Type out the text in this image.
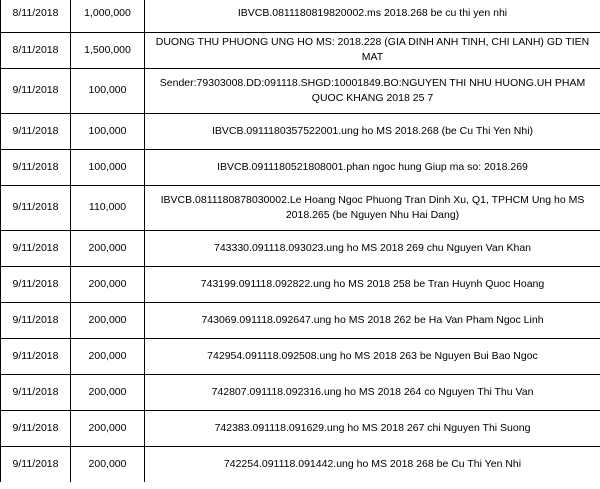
8/11/2018	1,000,000	IBVCB.0811180819820002.ms 2018.268 be cu thi yen nhi
8/11/2018	1,500,000	DUONG THU PHUONG UNG HO MS: 2018.228 (GIA DINH ANH TINH, CHI LANH) GD TIEN MAT
9/11/2018	100,000	Sender:79303008.DD:091118.SHGD:10001849.BO:NGUYEN THI NHU HUONG.UH PHAM QUOC KHANG 2018 25 7
9/11/2018	100,000	IBVCB.0911180357522001.ung ho MS 2018.268 (be Cu Thi Yen Nhi)
9/11/2018	100,000	IBVCB.0911180521808001.phan ngoc hung Giup ma so: 2018.269
9/11/2018	110,000	IBVCB.0811180878030002.Le Hoang Ngoc Phuong Tran Dinh Xu, Q1, TPHCM Ung ho MS 2018.265 (be Nguyen Nhu Hai Dang)
9/11/2018	200,000	743330.091118.093023.ung ho MS 2018 269 chu Nguyen Van Khan
9/11/2018	200,000	743199.091118.092822.ung ho MS 2018 258 be Tran Huynh Quoc Hoang
9/11/2018	200,000	743069.091118.092647.ung ho MS 2018 262 be Ha Van Pham Ngoc Linh
9/11/2018	200,000	742954.091118.092508.ung ho MS 2018 263 be Nguyen Bui Bao Ngoc
9/11/2018	200,000	742807.091118.092316.ung ho MS 2018 264 co Nguyen Thi Thu Van
9/11/2018	200,000	742383.091118.091629.ung ho MS 2018 267 chi Nguyen Thi Suong
9/11/2018	200,000	742254.091118.091442.ung ho MS 2018 268 be Cu Thi Yen Nhi
